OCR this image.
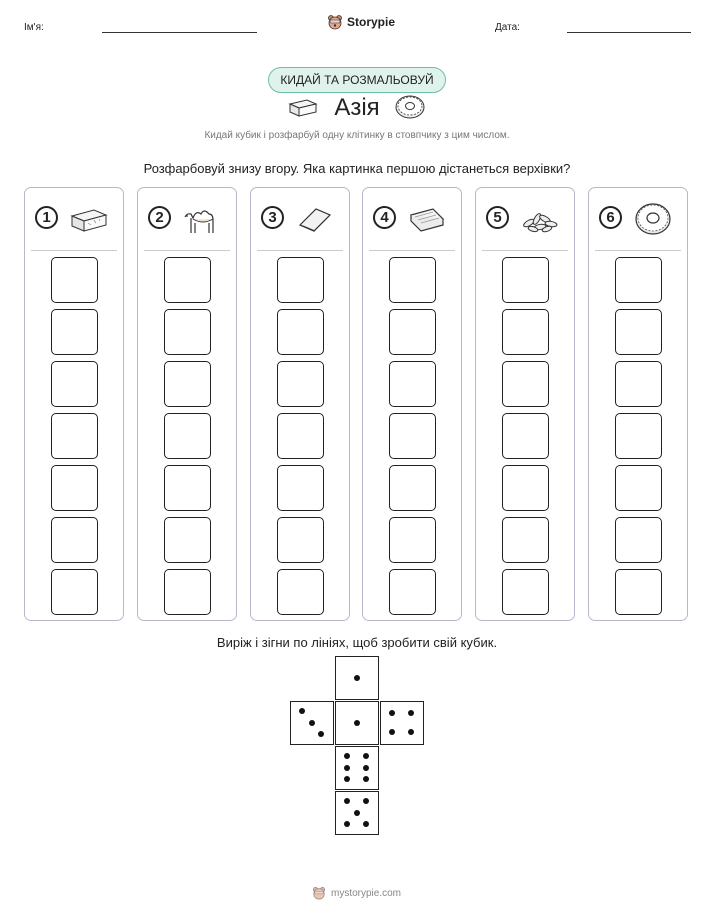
Ім'я:	Storypie	Дата:
КИДАЙ ТА РОЗМАЛЬОВУЙ
Азія
Кидай кубик і розфарбуй одну клітинку в стовпчику з цим числом.
Розфарбовуй знизу вгору. Яка картинка першою дістанеться верхівки?
1	2	3	4	5	6
Виріж і зігни по лініях, щоб зробити свій кубик.
mystorypie.com
